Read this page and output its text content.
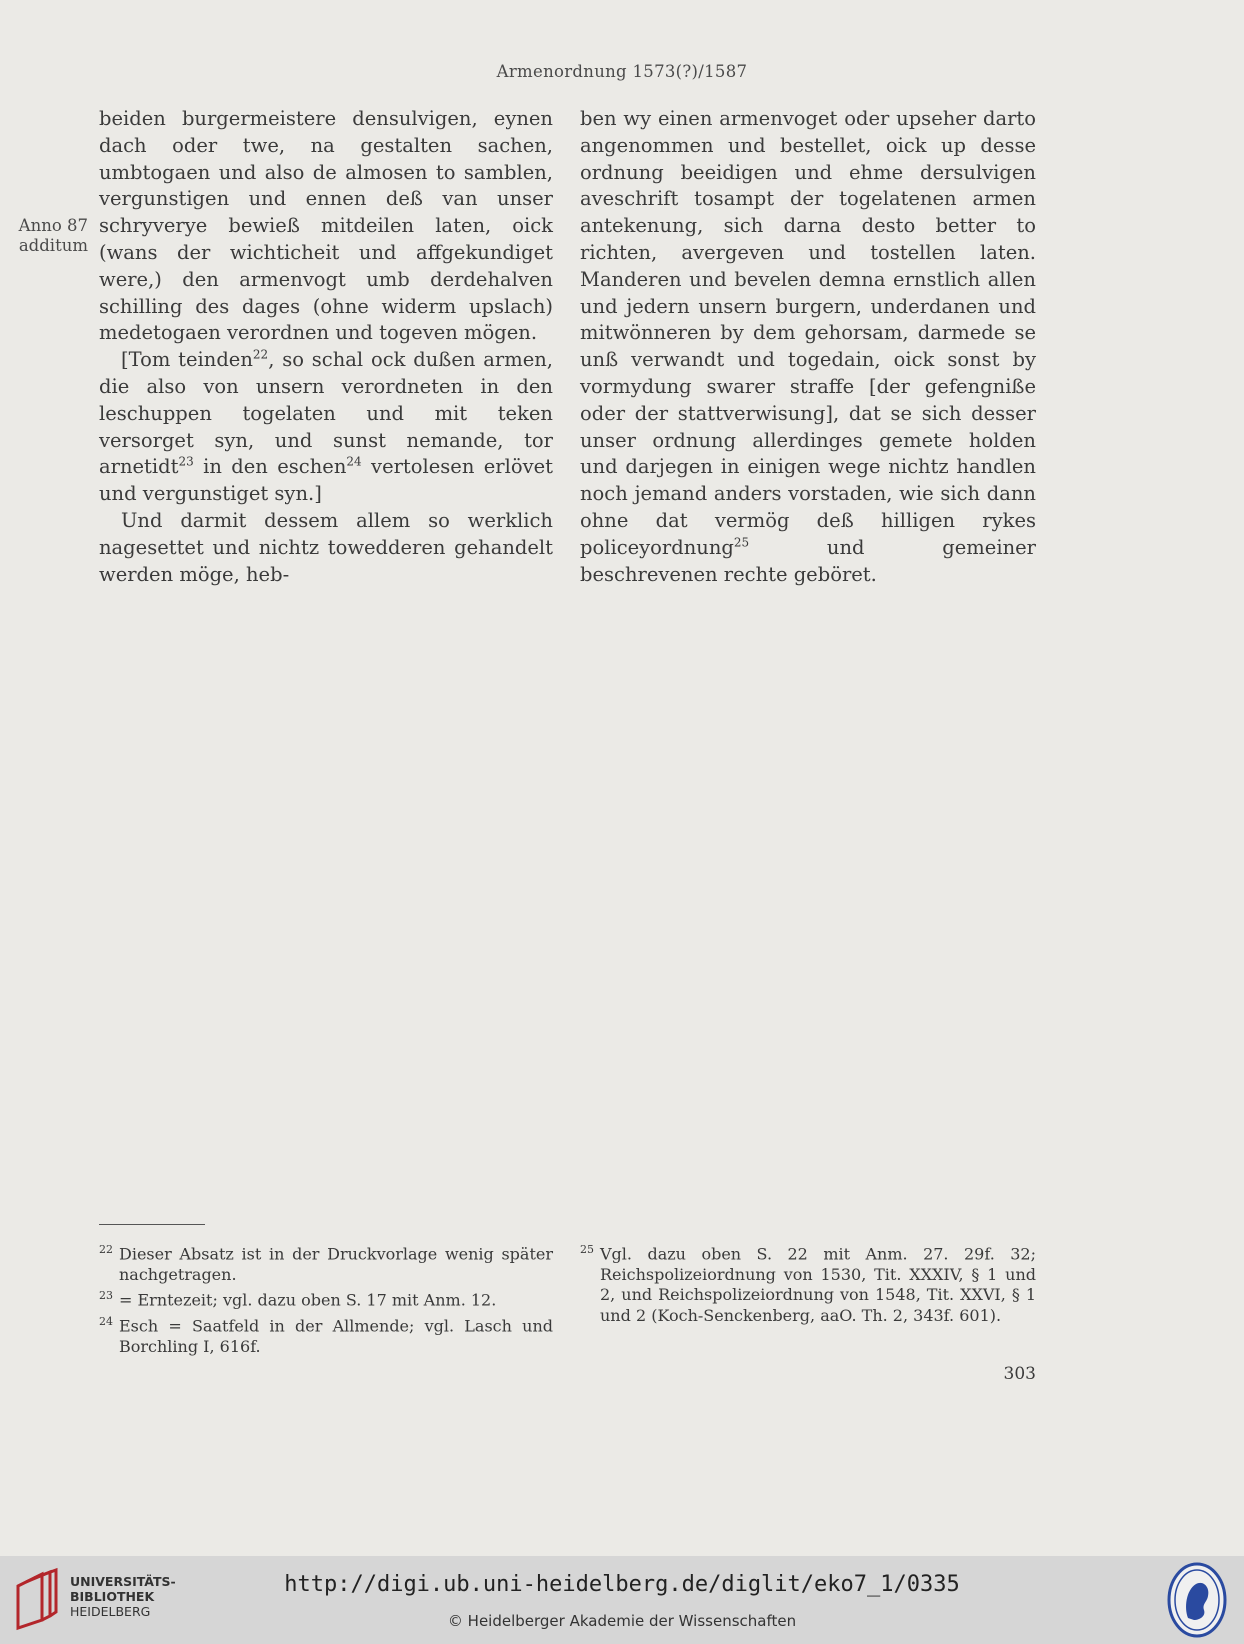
Armenordnung 1573(?)/1587
Anno 87
additum

beiden burgermeistere densulvigen, eynen dach oder twe, na gestalten sachen, umbtogaen und also de almosen to samblen, vergunstigen und ennen deß van unser schryverye bewieß mitdeilen laten, oick (wans der wichticheit und affgekundiget were,) den armenvogt umb derdehalven schilling des dages (ohne widerm upslach) medetogaen verordnen und togeven mögen.

[Tom teinden$^{22}$, so schal ock dußen armen, die also von unsern verordneten in den leschuppen togelaten und mit teken versorget syn, und sunst nemande, tor arnetidt$^{23}$ in den eschen$^{24}$ vertolesen erlövet und vergunstiget syn.]

Und darmit dessem allem so werklich nagesettet und nichtz towedderen gehandelt werden möge, heb-

ben wy einen armenvoget oder upseher darto angenommen und bestellet, oick up desse ordnung beeidigen und ehme dersulvigen aveschrift tosampt der togelatenen armen antekenung, sich darna desto better to richten, avergeven und tostellen laten. Manderen und bevelen demna ernstlich allen und jedern unsern burgern, underdanen und mitwönneren by dem gehorsam, darmede se unß verwandt und togedain, oick sonst by vormydung swarer straffe [der gefengniße oder der stattverwisung], dat se sich desser unser ordnung allerdinges gemete holden und darjegen in einigen wege nichtz handlen noch jemand anders vorstaden, wie sich dann ohne dat vermög deß hilligen rykes policeyordnung$^{25}$ und gemeiner beschrevenen rechte geböret.

22 Dieser Absatz ist in der Druckvorlage wenig später nachgetragen.

23 = Erntezeit; vgl. dazu oben S. 17 mit Anm. 12.

24 Esch = Saatfeld in der Allmende; vgl. Lasch und Borchling I, 616f.

25 Vgl. dazu oben S. 22 mit Anm. 27. 29f. 32; Reichspolizeiordnung von 1530, Tit. XXXIV, § 1 und 2, und Reichspolizeiordnung von 1548, Tit. XXVI, § 1 und 2 (Koch-Senckenberg, aaO. Th. 2, 343f. 601).

303
UNIVERSITÄTS-
BIBLIOTHEK
HEIDELBERG
http://digi.ub.uni-heidelberg.de/diglit/eko7_1/0335
© Heidelberger Akademie der Wissenschaften
